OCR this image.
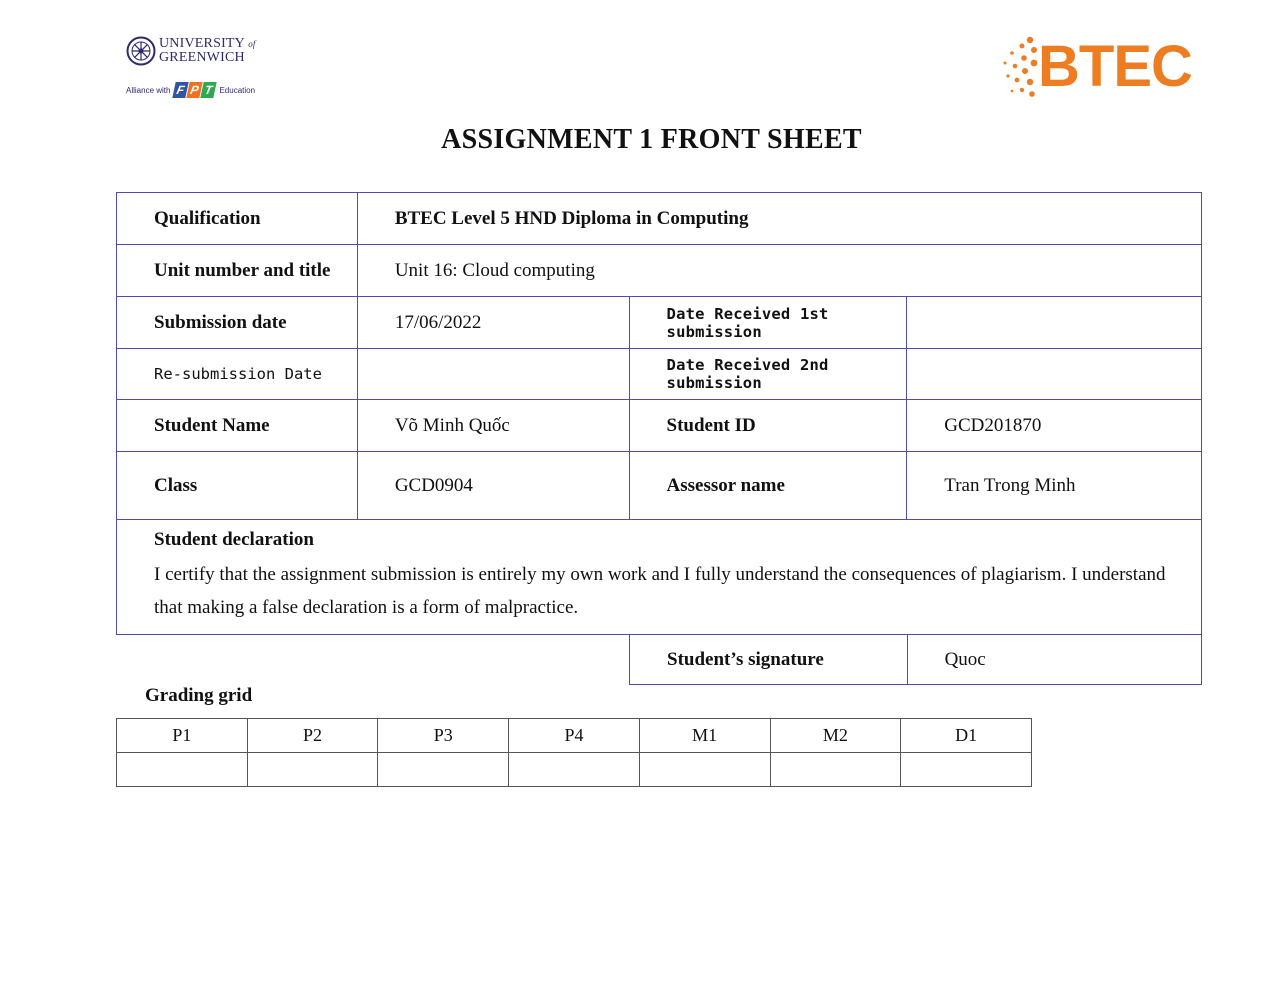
UNIVERSITY of
GREENWICH
Alliance with F P T Education	BTEC
ASSIGNMENT 1 FRONT SHEET
Qualification	BTEC Level 5 HND Diploma in Computing		
Unit number and title	Unit 16: Cloud computing		
Submission date	17/06/2022	Date Received 1st submission	
Re-submission Date		Date Received 2nd submission	
Student Name	Võ Minh Quốc	Student ID	GCD201870
Class	GCD0904	Assessor name	Tran Trong Minh

Student declaration
I certify that the assignment submission is entirely my own work and I fully understand the consequences of plagiarism. I understand that making a false declaration is a form of malpractice.			
Student’s signature	Quoc
Grading grid
P1	P2	P3	P4	M1	M2	D1
